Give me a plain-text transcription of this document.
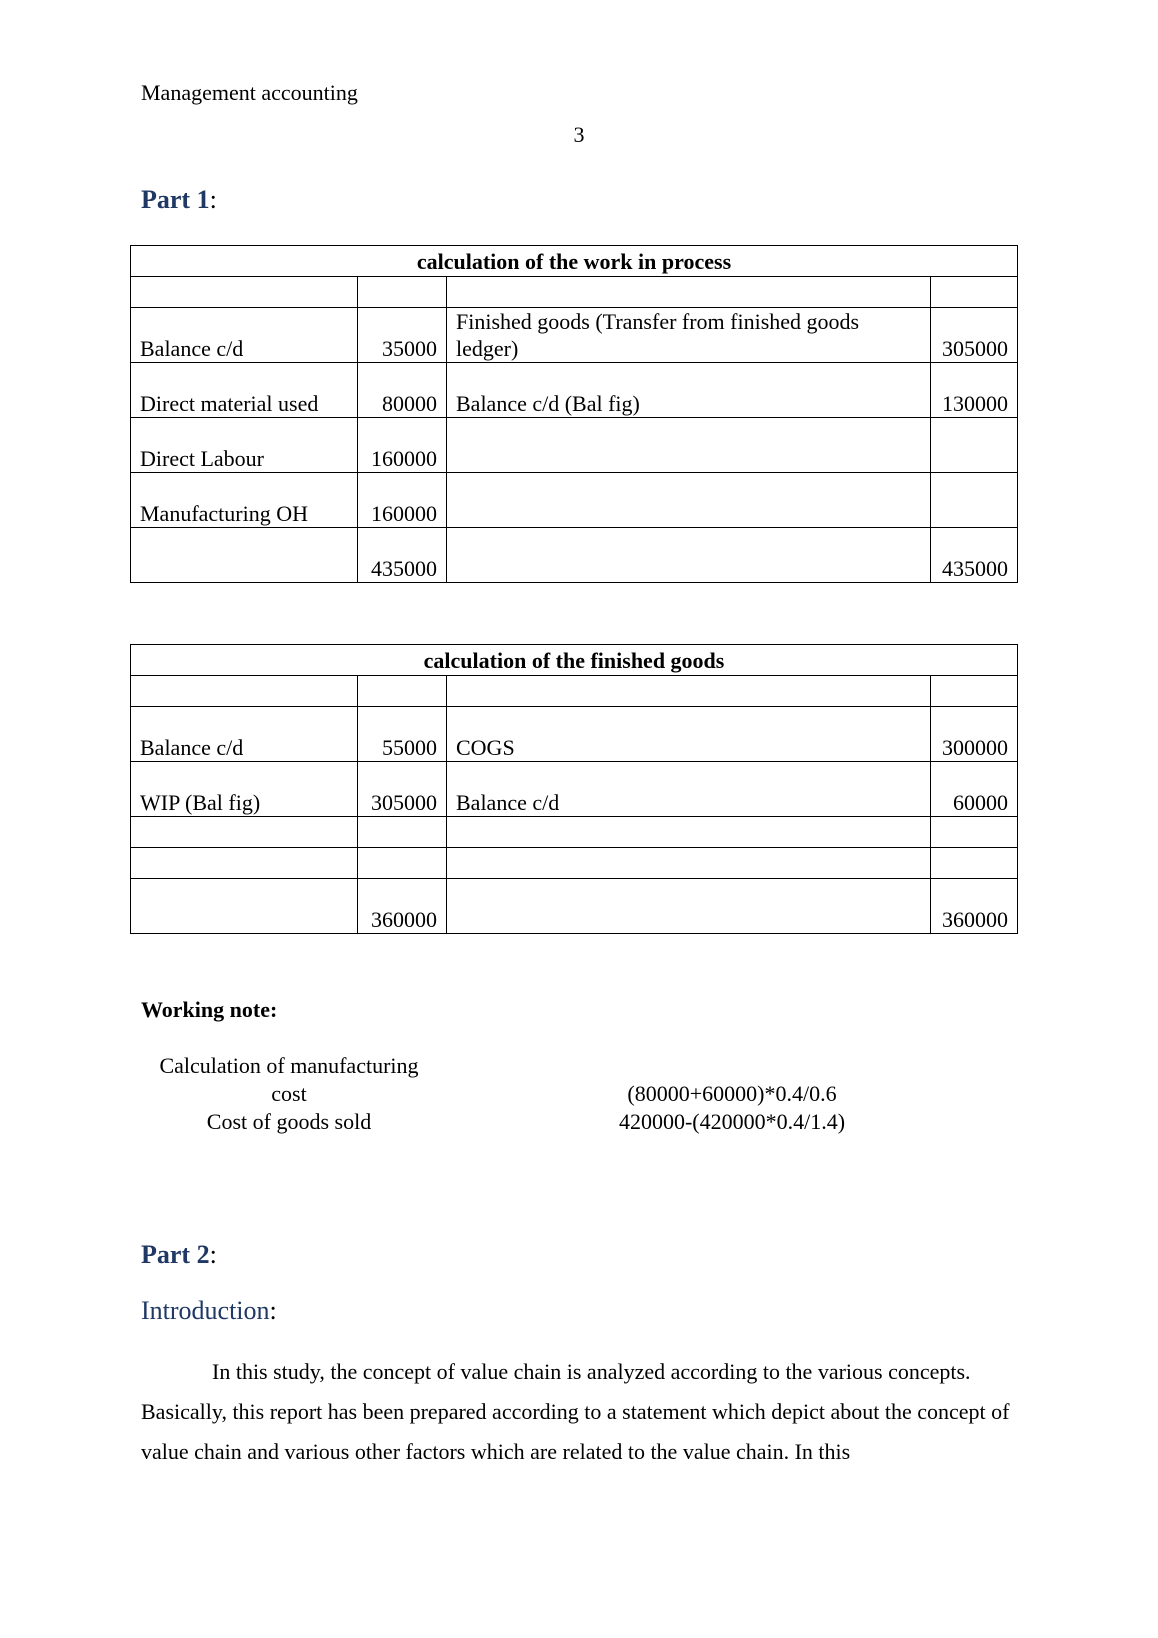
Management accounting
3
Part 1:
calculation of the work in process			

Balance c/d	35000	Finished goods (Transfer from finished goods ledger)	305000
Direct material used	80000	Balance c/d (Bal fig)	130000
Direct Labour	160000		
Manufacturing OH	160000		
	435000		435000
calculation of the finished goods			

Balance c/d	55000	COGS	300000
WIP (Bal fig)	305000	Balance c/d	60000

	360000		360000
Working note:
Calculation of manufacturing cost	(80000+60000)*0.4/0.6
Cost of goods sold	420000-(420000*0.4/1.4)
Part 2:
Introduction:
In this study, the concept of value chain is analyzed according to the various concepts. Basically, this report has been prepared according to a statement which depict about the concept of value chain and various other factors which are related to the value chain. In this
